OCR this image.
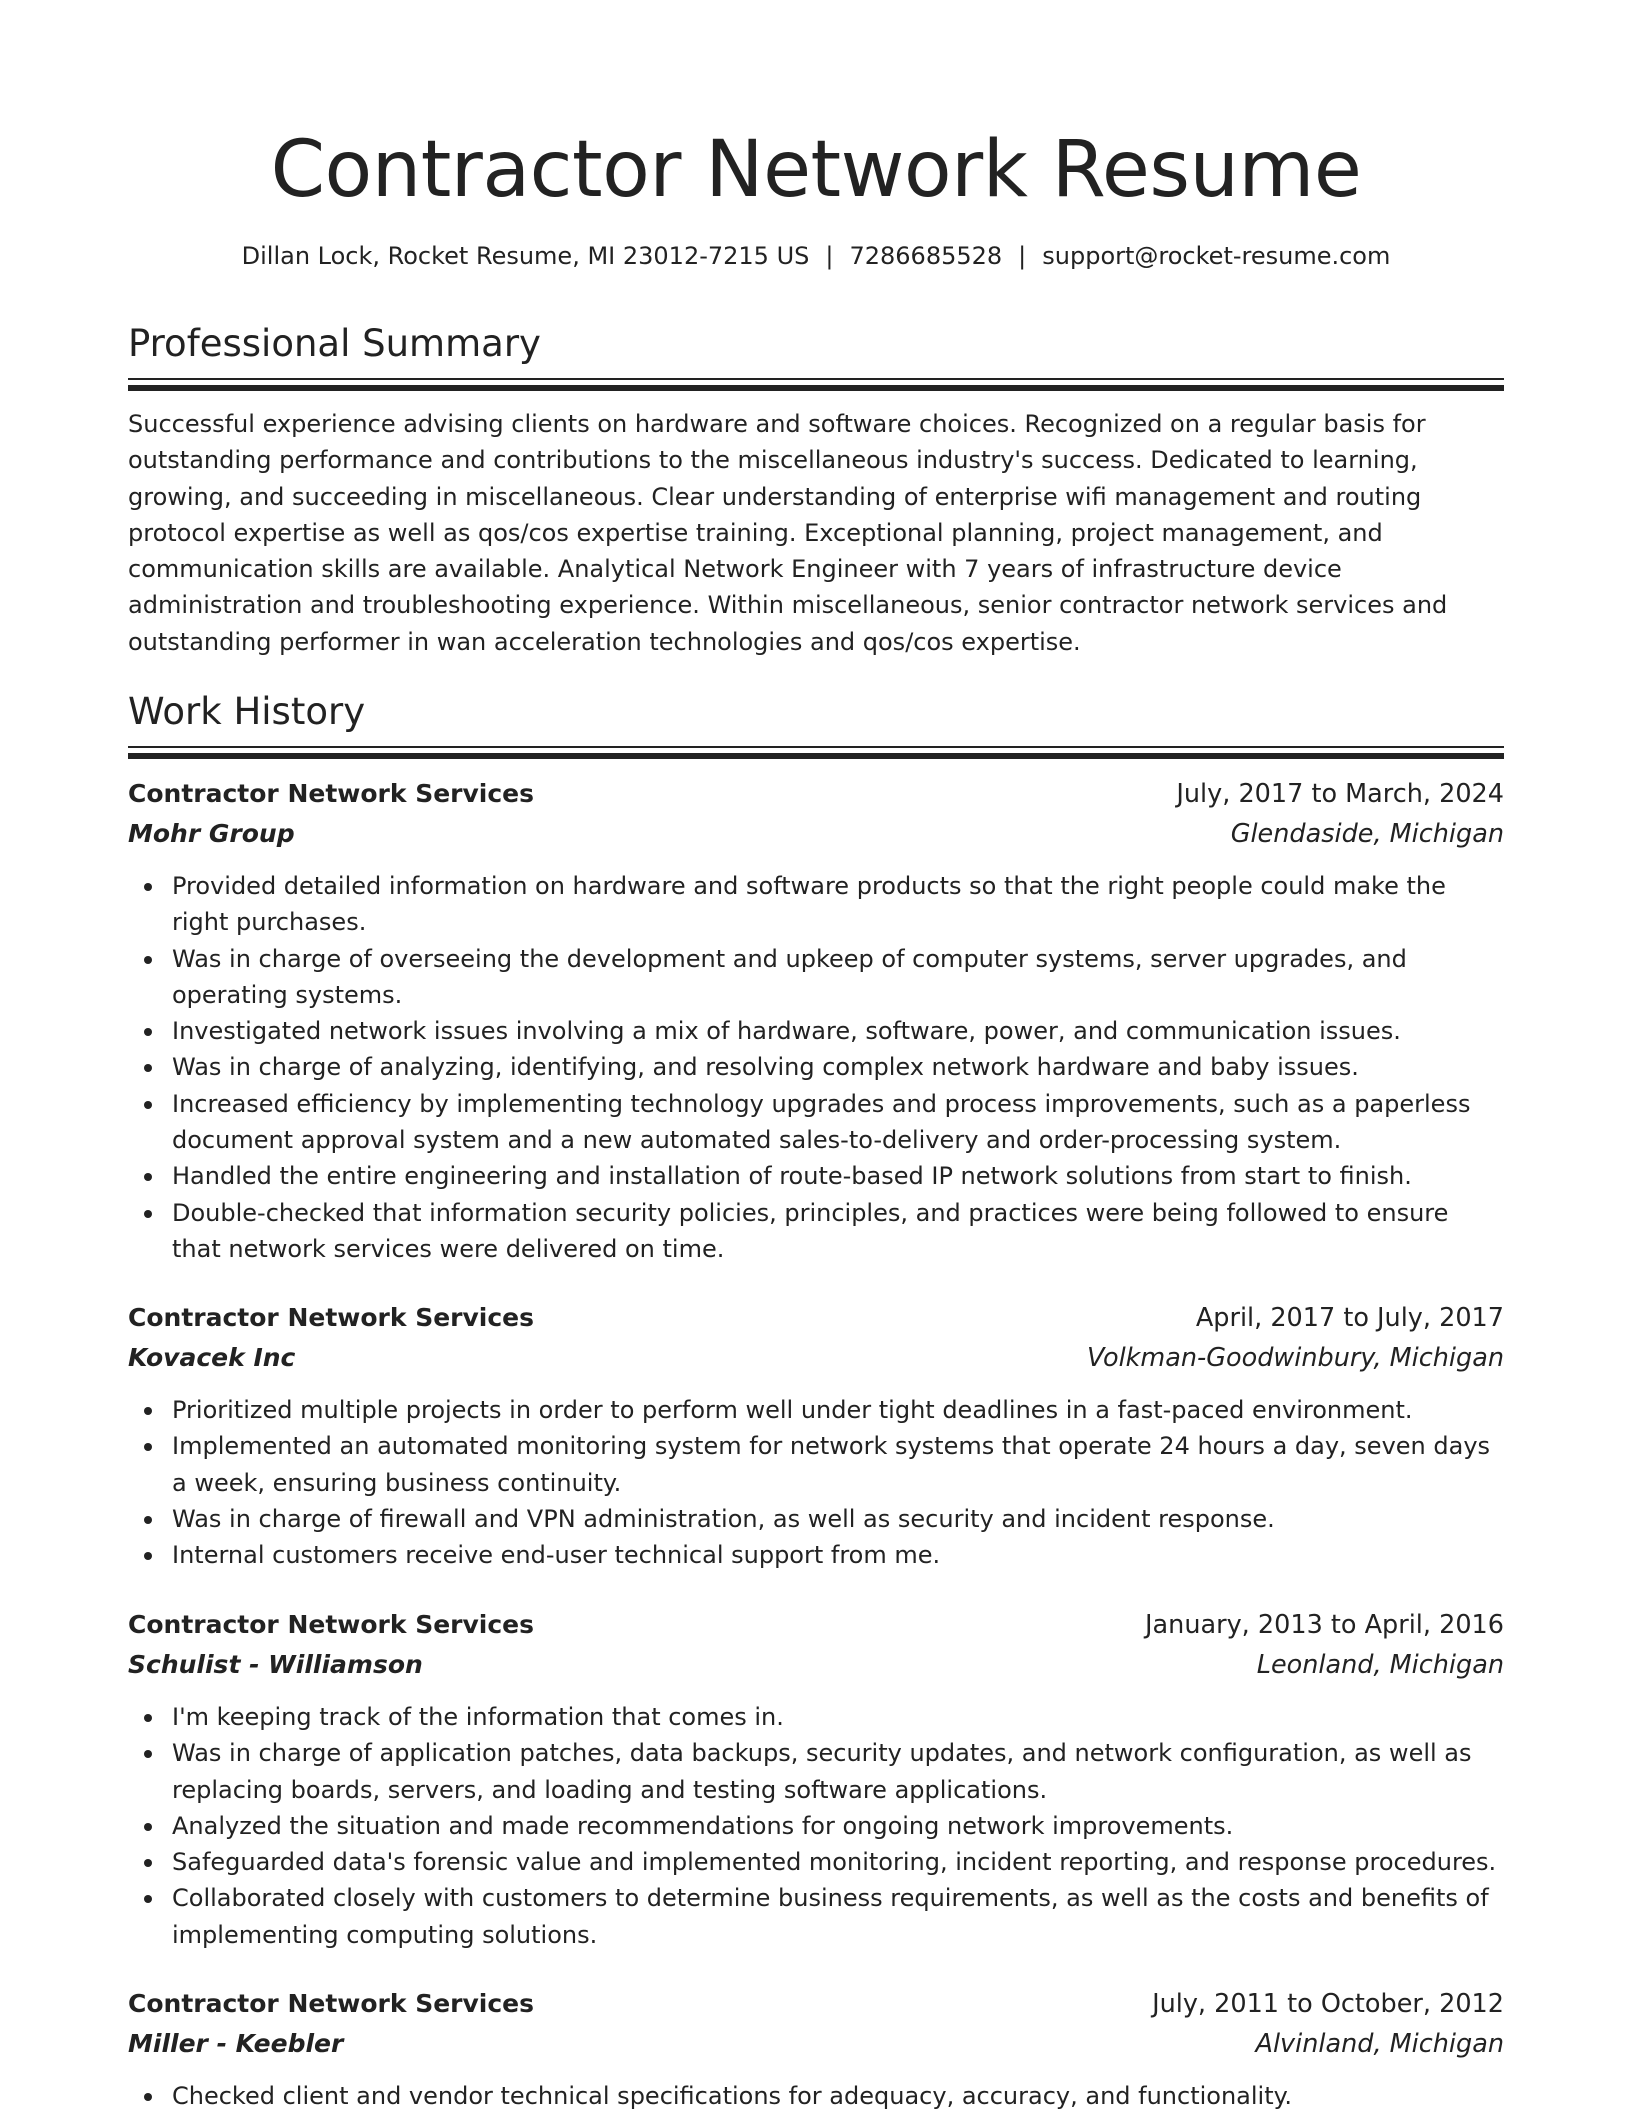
Contractor Network Resume
Dillan Lock, Rocket Resume, MI 23012-7215 US | 7286685528 | support@rocket-resume.com
Professional Summary

Successful experience advising clients on hardware and software choices. Recognized on a regular basis for outstanding performance and contributions to the miscellaneous industry's success. Dedicated to learning, growing, and succeeding in miscellaneous. Clear understanding of enterprise wifi management and routing protocol expertise as well as qos/cos expertise training. Exceptional planning, project management, and communication skills are available. Analytical Network Engineer with 7 years of infrastructure device administration and troubleshooting experience. Within miscellaneous, senior contractor network services and outstanding performer in wan acceleration technologies and qos/cos expertise.

Work History
Contractor Network Services	July, 2017 to March, 2024
Mohr Group	Glendaside, Michigan
Provided detailed information on hardware and software products so that the right people could make the right purchases.
Was in charge of overseeing the development and upkeep of computer systems, server upgrades, and operating systems.
Investigated network issues involving a mix of hardware, software, power, and communication issues.
Was in charge of analyzing, identifying, and resolving complex network hardware and baby issues.
Increased efficiency by implementing technology upgrades and process improvements, such as a paperless document approval system and a new automated sales-to-delivery and order-processing system.
Handled the entire engineering and installation of route-based IP network solutions from start to finish.
Double-checked that information security policies, principles, and practices were being followed to ensure that network services were delivered on time.
Contractor Network Services	April, 2017 to July, 2017
Kovacek Inc	Volkman-Goodwinbury, Michigan
Prioritized multiple projects in order to perform well under tight deadlines in a fast-paced environment.
Implemented an automated monitoring system for network systems that operate 24 hours a day, seven days a week, ensuring business continuity.
Was in charge of firewall and VPN administration, as well as security and incident response.
Internal customers receive end-user technical support from me.
Contractor Network Services	January, 2013 to April, 2016
Schulist - Williamson	Leonland, Michigan
I'm keeping track of the information that comes in.
Was in charge of application patches, data backups, security updates, and network configuration, as well as replacing boards, servers, and loading and testing software applications.
Analyzed the situation and made recommendations for ongoing network improvements.
Safeguarded data's forensic value and implemented monitoring, incident reporting, and response procedures.
Collaborated closely with customers to determine business requirements, as well as the costs and benefits of implementing computing solutions.
Contractor Network Services	July, 2011 to October, 2012
Miller - Keebler	Alvinland, Michigan
Checked client and vendor technical specifications for adequacy, accuracy, and functionality.
